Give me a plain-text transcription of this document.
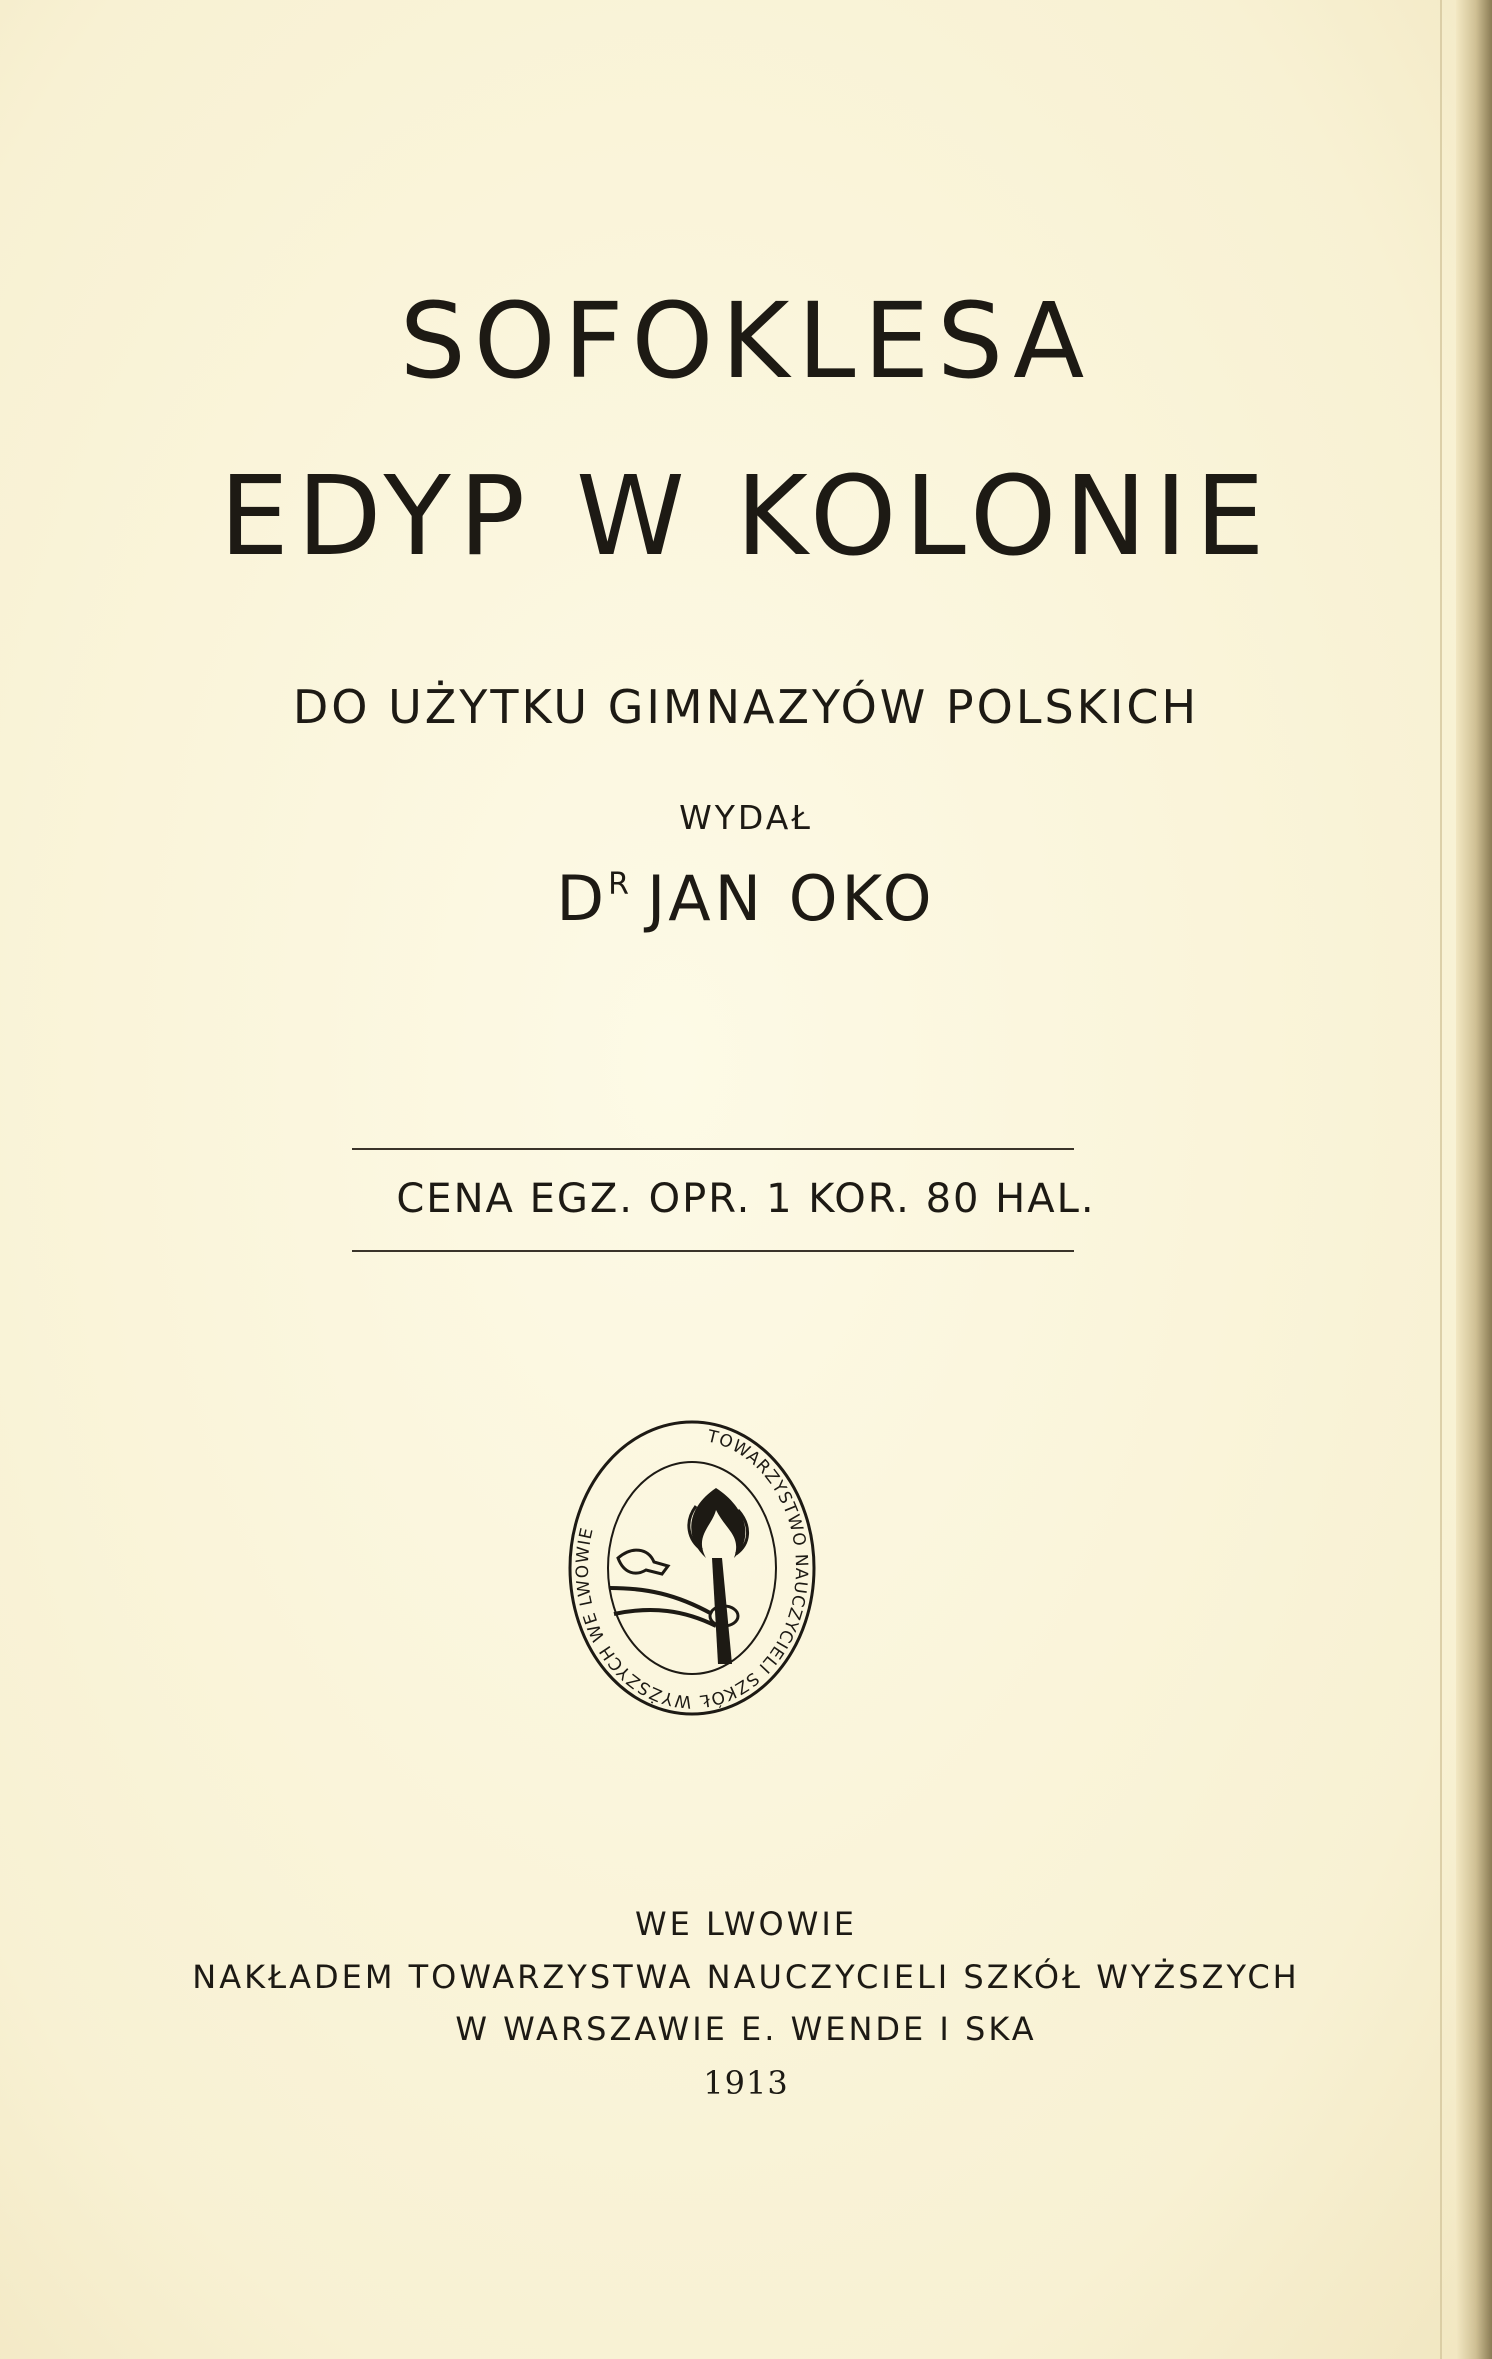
SOFOKLESA
EDYP W KOLONIE
DO UŻYTKU GIMNAZYÓW POLSKICH
WYDAŁ
$D^R$ JAN OKO
CENA EGZ. OPR. 1 KOR. 80 HAL.
TOWARZYSTWO NAUCZYCIELI SZKÓŁ WYŻSZYCH WE LWOWIE
WE LWOWIE
NAKŁADEM TOWARZYSTWA NAUCZYCIELI SZKÓŁ WYŻSZYCH
W WARSZAWIE E. WENDE I SKA
1913
